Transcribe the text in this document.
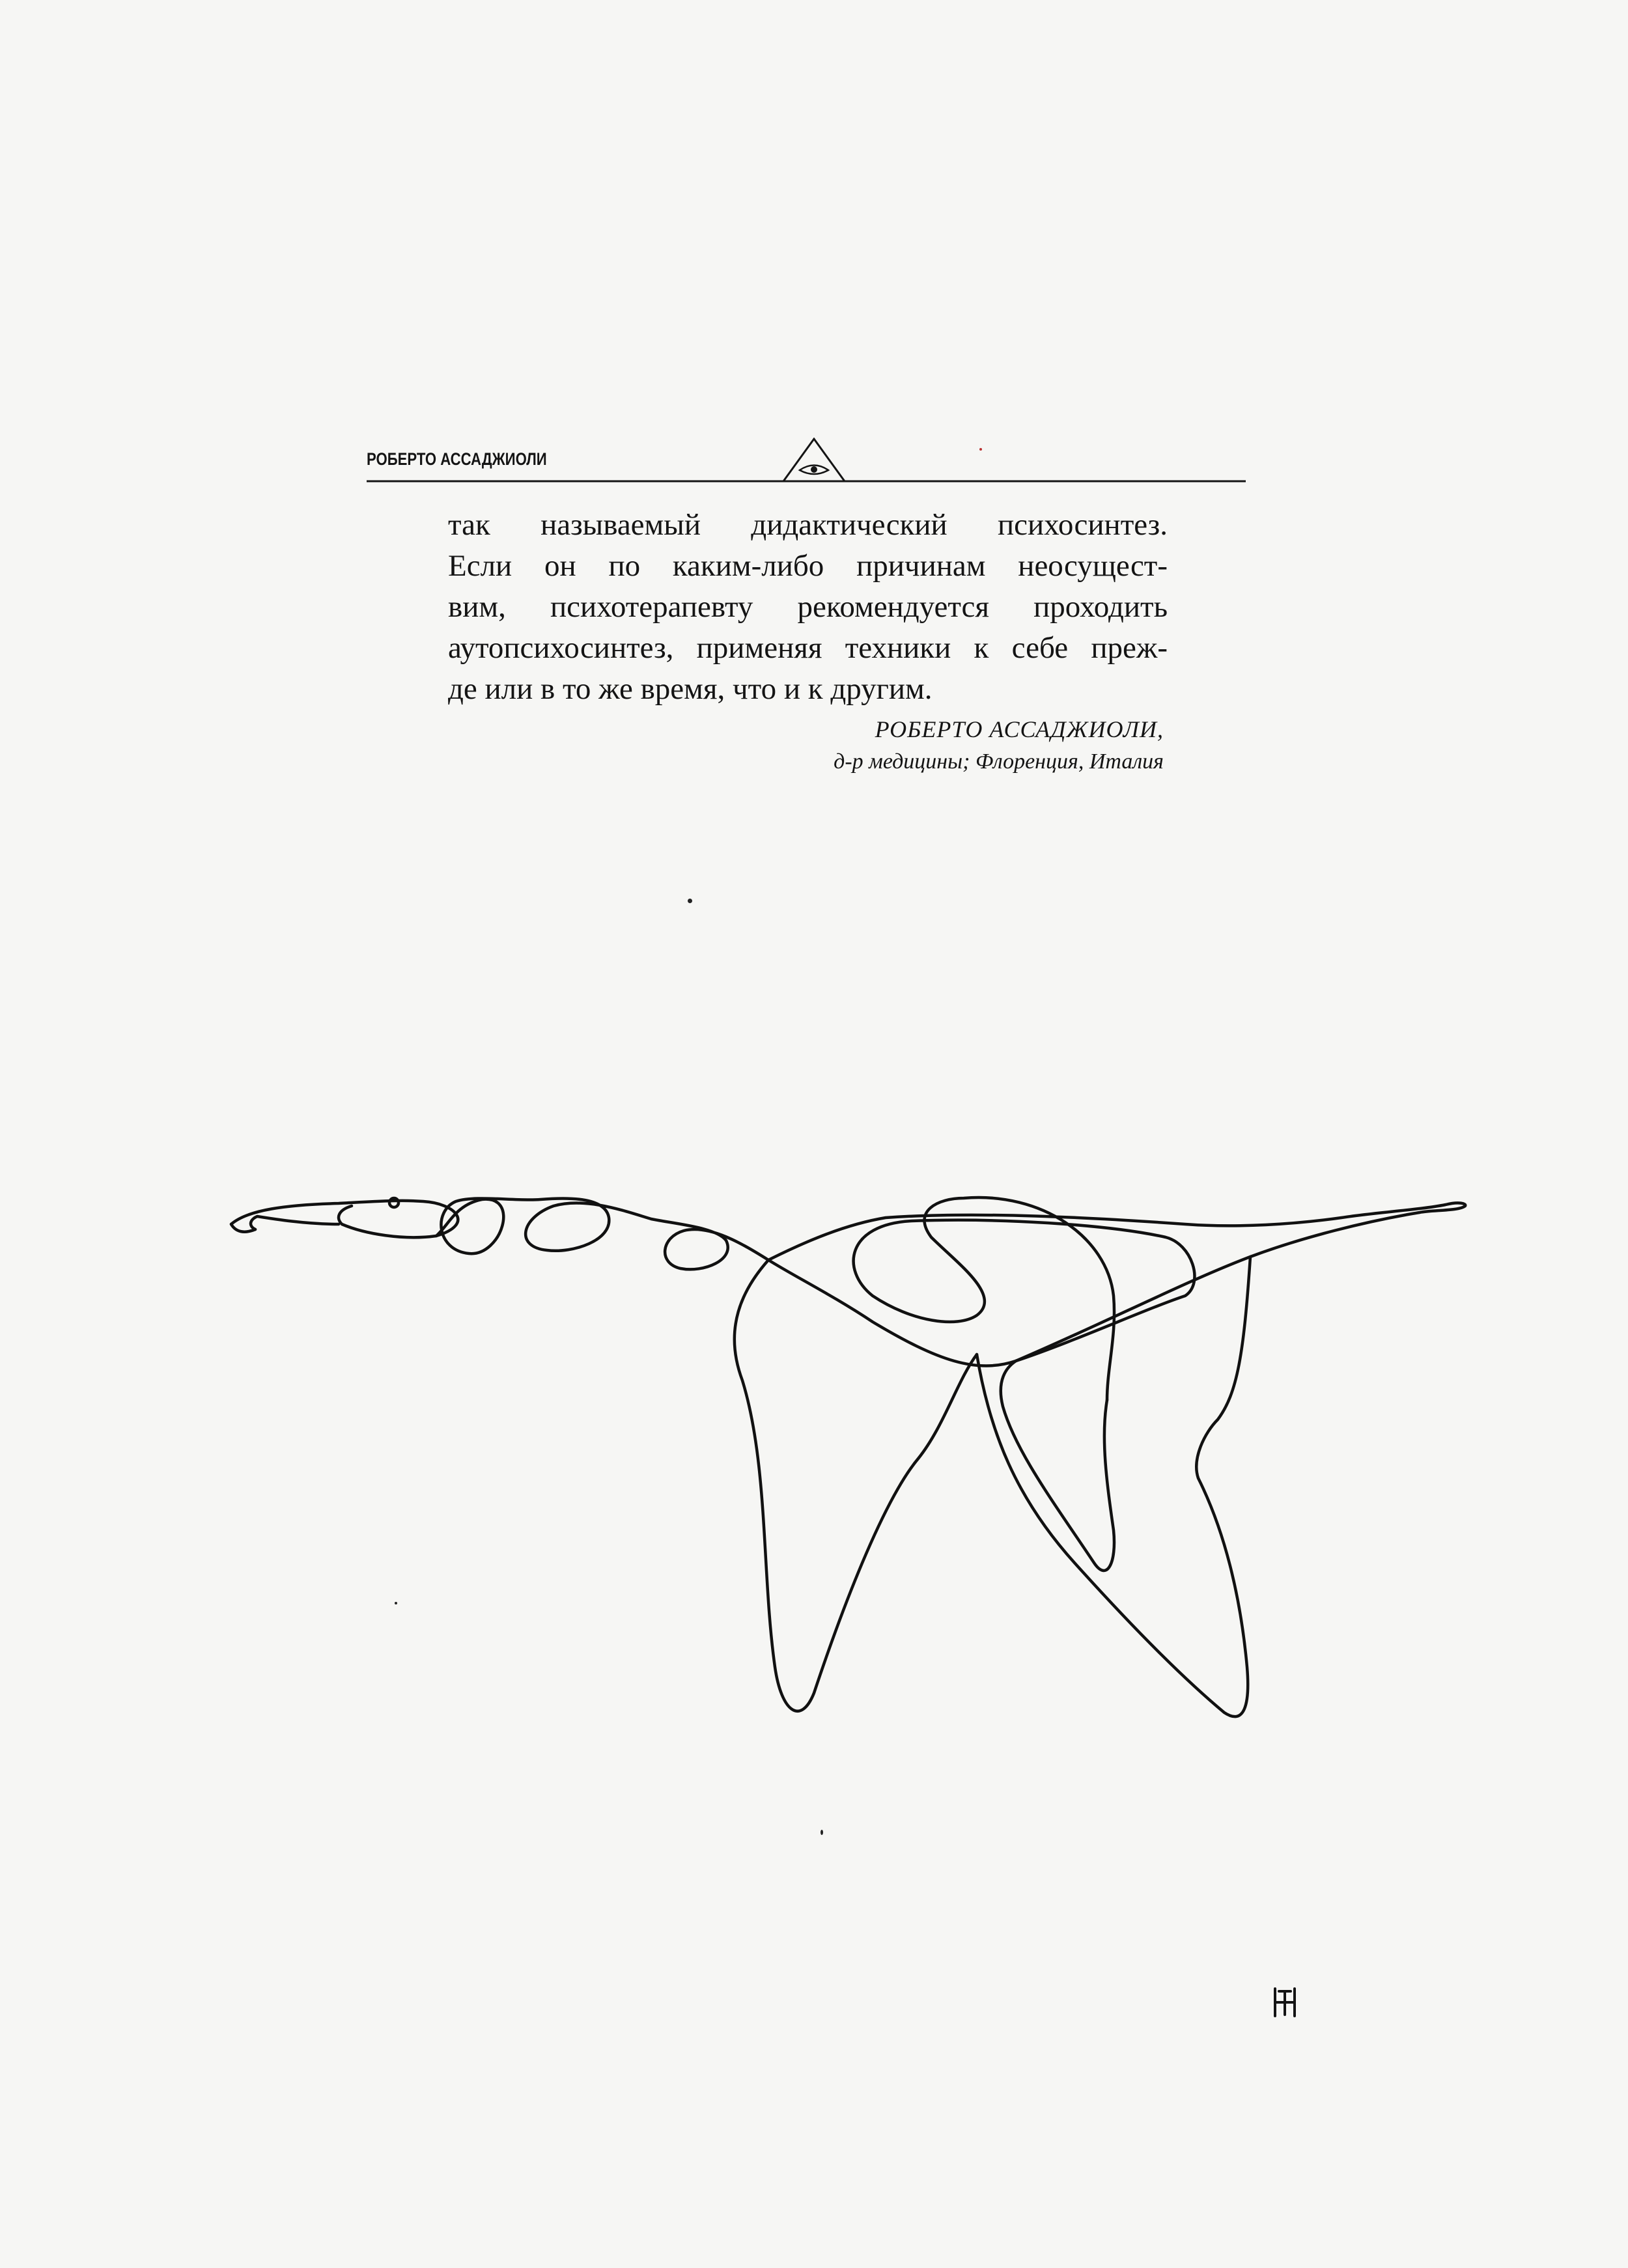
РОБЕРТО АССАДЖИОЛИ
так называемый дидактический психосинтез.
Если он по каким-либо причинам неосущест-
вим, психотерапевту рекомендуется проходить
аутопсихосинтез, применяя техники к себе преж-
де или в то же время, что и к другим.
РОБЕРТО АССАДЖИОЛИ,
д-р медицины; Флоренция, Италия
